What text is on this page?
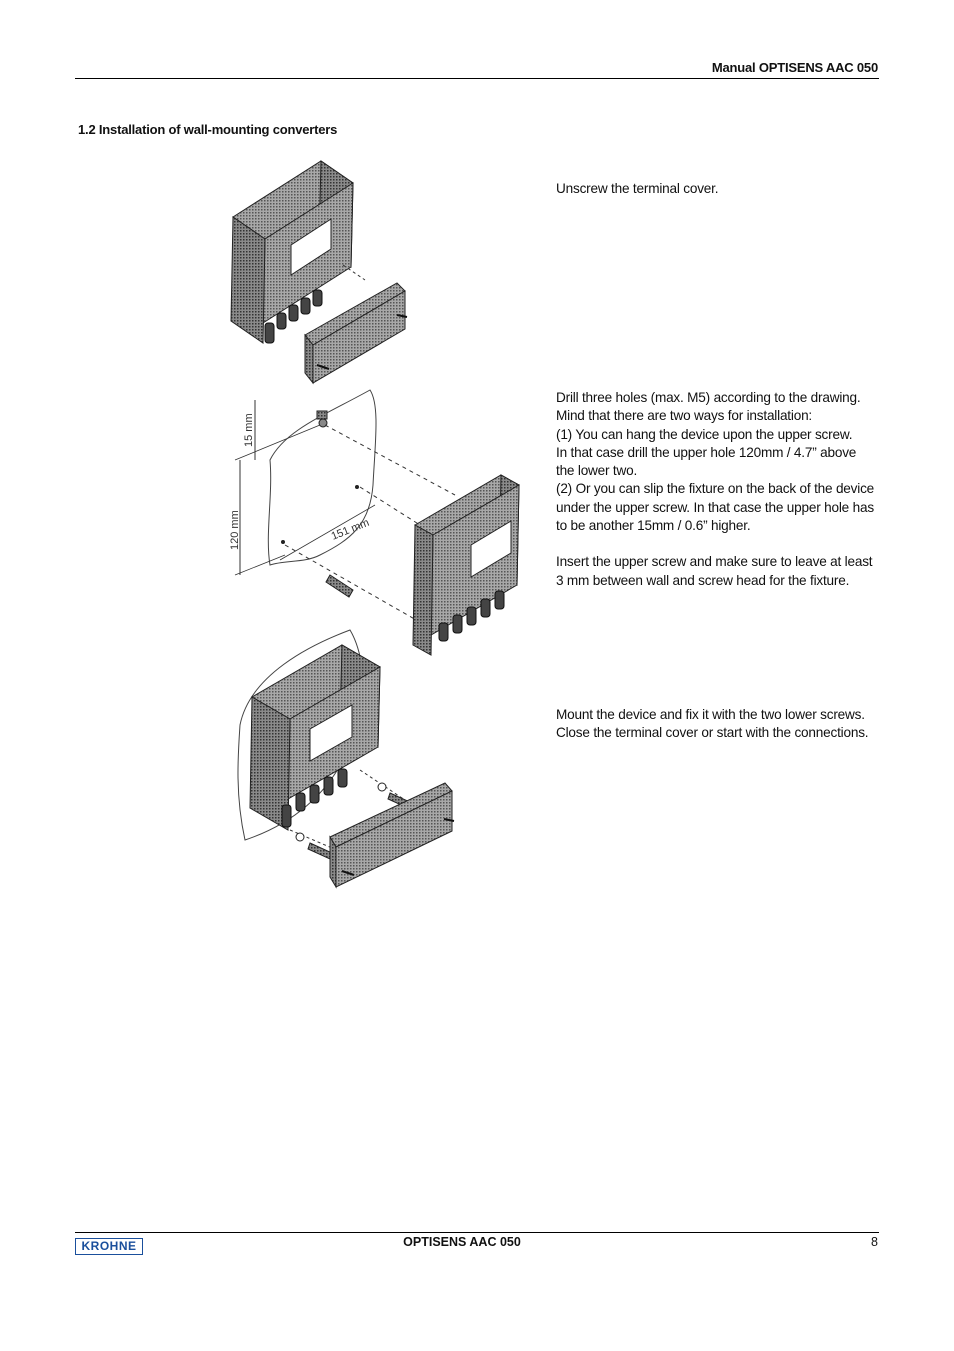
Manual OPTISENS AAC 050
1.2 Installation of wall-mounting converters
15 mm
120 mm	151 mm

Unscrew the terminal cover.

Drill three holes (max. M5) according to the drawing.

Mind that there are two ways for installation:

(1) You can hang the device upon the upper screw.

In that case drill the upper hole 120mm / 4.7” above the lower two.

(2) Or you can slip the fixture on the back of the device under the upper screw. In that case the upper hole has to be another 15mm / 0.6” higher.

Insert the upper screw and make sure to leave at least 3 mm between wall and screw head for the fixture.

Mount the device and fix it with the two lower screws. Close the terminal cover or start with the connections.

KROHNE	OPTISENS AAC 050	8
